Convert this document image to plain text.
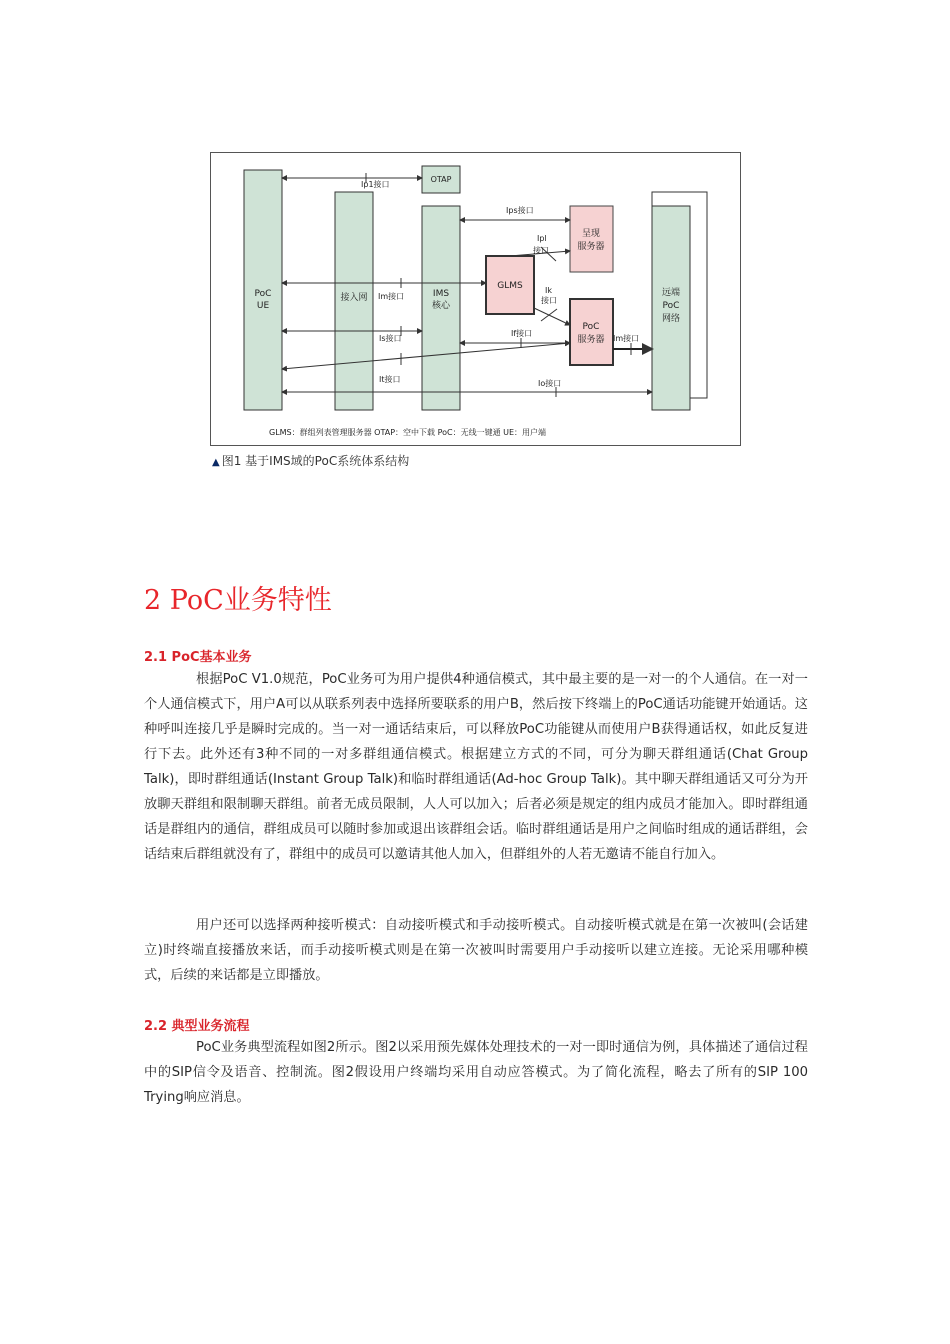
PoC
UE
接入网	IMS
核心
OTAP
GLMS
呈现
服务器
PoC
服务器
远端
PoC
网络
Ip1接口
Ips接口
Ipl
接口
Im接口
Is接口
It接口
Ik
接口
If接口
Im接口
Io接口
GLMS：群组列表管理服务器 OTAP：空中下载 PoC：无线一键通 UE：用户端
▲ 图1 基于IMS域的PoC系统体系结构
2 PoC业务特性
2.1 PoC基本业务

根据PoC V1.0规范，PoC业务可为用户提供4种通信模式，其中最主要的是一对一的个人通信。在一对一个人通信模式下，用户A可以从联系列表中选择所要联系的用户B，然后按下终端上的PoC通话功能键开始通话。这种呼叫连接几乎是瞬时完成的。当一对一通话结束后，可以释放PoC功能键从而使用户B获得通话权，如此反复进行下去。此外还有3种不同的一对多群组通信模式。根据建立方式的不同，可分为聊天群组通话(Chat Group Talk)，即时群组通话(Instant Group Talk)和临时群组通话(Ad-hoc Group Talk)。其中聊天群组通话又可分为开放聊天群组和限制聊天群组。前者无成员限制，人人可以加入；后者必须是规定的组内成员才能加入。即时群组通话是群组内的通信，群组成员可以随时参加或退出该群组会话。临时群组通话是用户之间临时组成的通话群组，会话结束后群组就没有了，群组中的成员可以邀请其他人加入，但群组外的人若无邀请不能自行加入。

用户还可以选择两种接听模式：自动接听模式和手动接听模式。自动接听模式就是在第一次被叫(会话建立)时终端直接播放来话，而手动接听模式则是在第一次被叫时需要用户手动接听以建立连接。无论采用哪种模式，后续的来话都是立即播放。

2.2 典型业务流程

PoC业务典型流程如图2所示。图2以采用预先媒体处理技术的一对一即时通信为例，具体描述了通信过程中的SIP信令及语音、控制流。图2假设用户终端均采用自动应答模式。为了简化流程，略去了所有的SIP 100 Trying响应消息。
